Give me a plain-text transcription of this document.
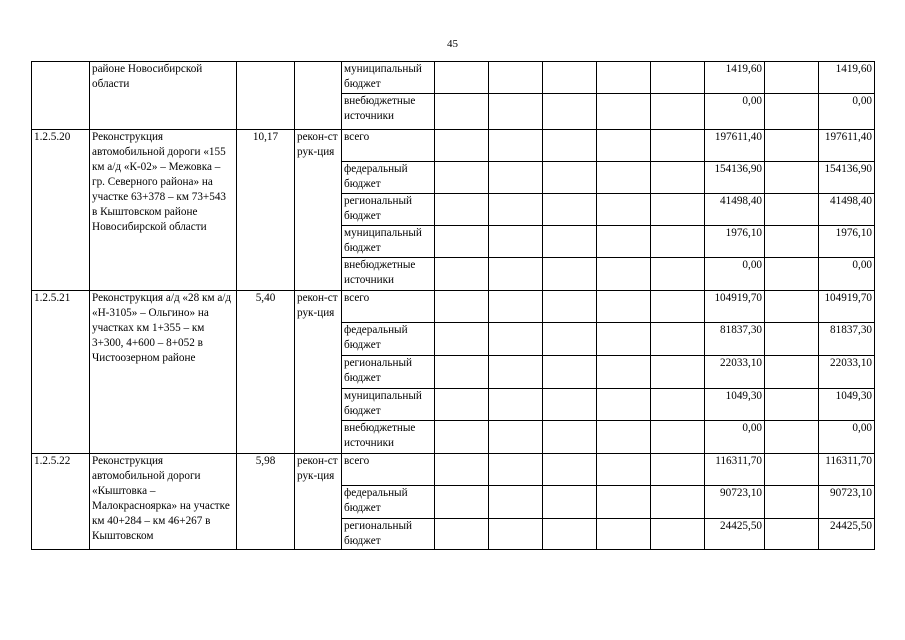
45
	районе Новосибирской области			муниципальный бюджет						1419,60		1419,60
				внебюджетные источники						0,00		0,00
1.2.5.20	Реконструкция автомобильной дороги «155 км а/д «К-02» – Межовка – гр. Северного района» на участке 63+378 – км 73+543 в Кыштовском районе Новосибирской области	10,17	рекон-струк-ция	всего						197611,40		197611,40
				федеральный бюджет						154136,90		154136,90
				региональный бюджет						41498,40		41498,40
				муниципальный бюджет						1976,10		1976,10
				внебюджетные источники						0,00		0,00
1.2.5.21	Реконструкция а/д «28 км а/д «Н-3105» – Ольгино» на участках км 1+355 – км 3+300, 4+600 – 8+052 в Чистоозерном районе	5,40	рекон-струк-ция	всего						104919,70		104919,70
				федеральный бюджет						81837,30		81837,30
				региональный бюджет						22033,10		22033,10
				муниципальный бюджет						1049,30		1049,30
				внебюджетные источники						0,00		0,00
1.2.5.22	Реконструкция автомобильной дороги «Кыштовка – Малокрасноярка» на участке км 40+284 – км 46+267 в Кыштовском	5,98	рекон-струк-ция	всего						116311,70		116311,70
				федеральный бюджет						90723,10		90723,10
				региональный бюджет						24425,50		24425,50
